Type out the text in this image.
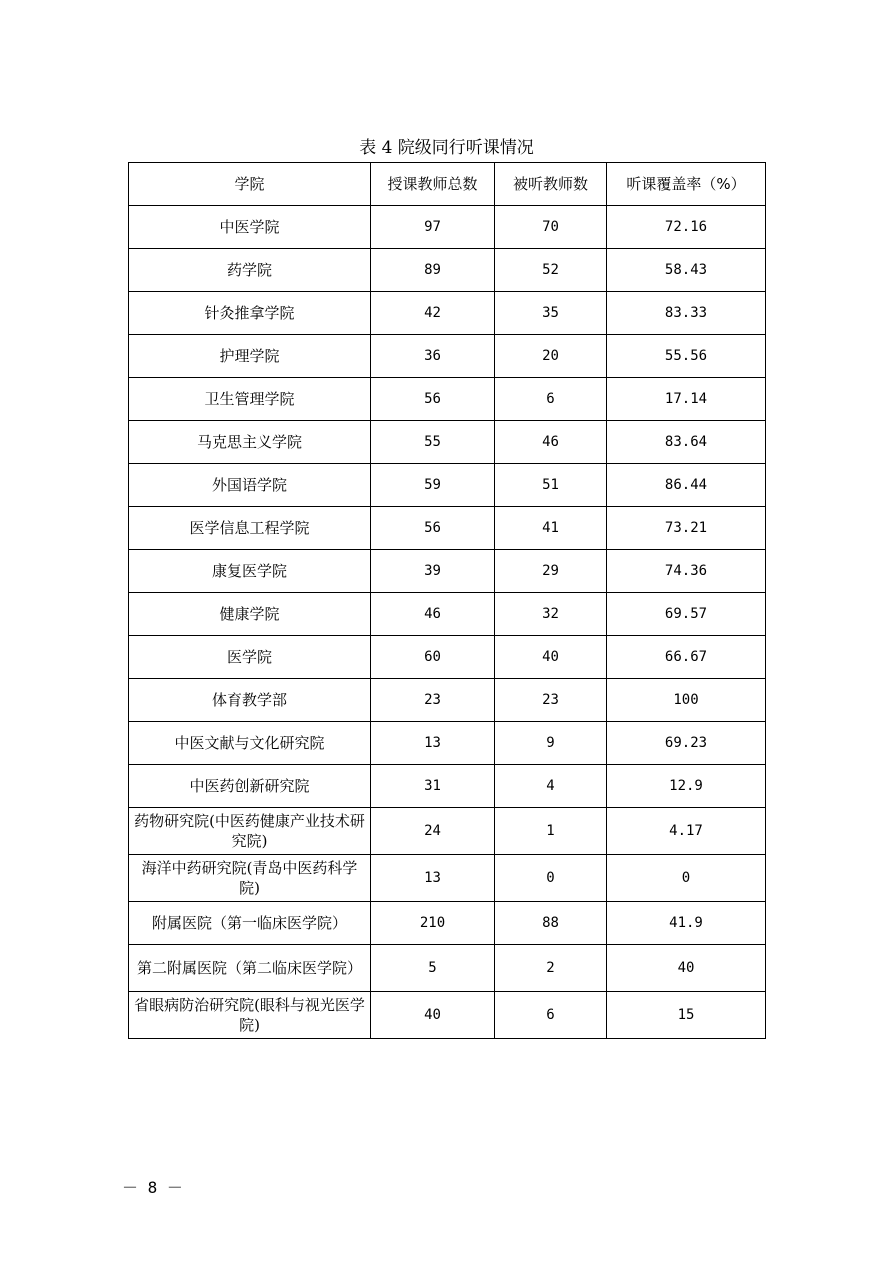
表 4 院级同行听课情况
学院	授课教师总数	被听教师数	听课覆盖率（%）
中医学院	97	70	72.16
药学院	89	52	58.43
针灸推拿学院	42	35	83.33
护理学院	36	20	55.56
卫生管理学院	56	6	17.14
马克思主义学院	55	46	83.64
外国语学院	59	51	86.44
医学信息工程学院	56	41	73.21
康复医学院	39	29	74.36
健康学院	46	32	69.57
医学院	60	40	66.67
体育教学部	23	23	100
中医文献与文化研究院	13	9	69.23
中医药创新研究院	31	4	12.9
药物研究院(中医药健康产业技术研究院)	24	1	4.17
海洋中药研究院(青岛中医药科学院)	13	0	0
附属医院（第一临床医学院）	210	88	41.9
第二附属医院（第二临床医学院）	5	2	40
省眼病防治研究院(眼科与视光医学院)	40	6	15
－ 8 －
